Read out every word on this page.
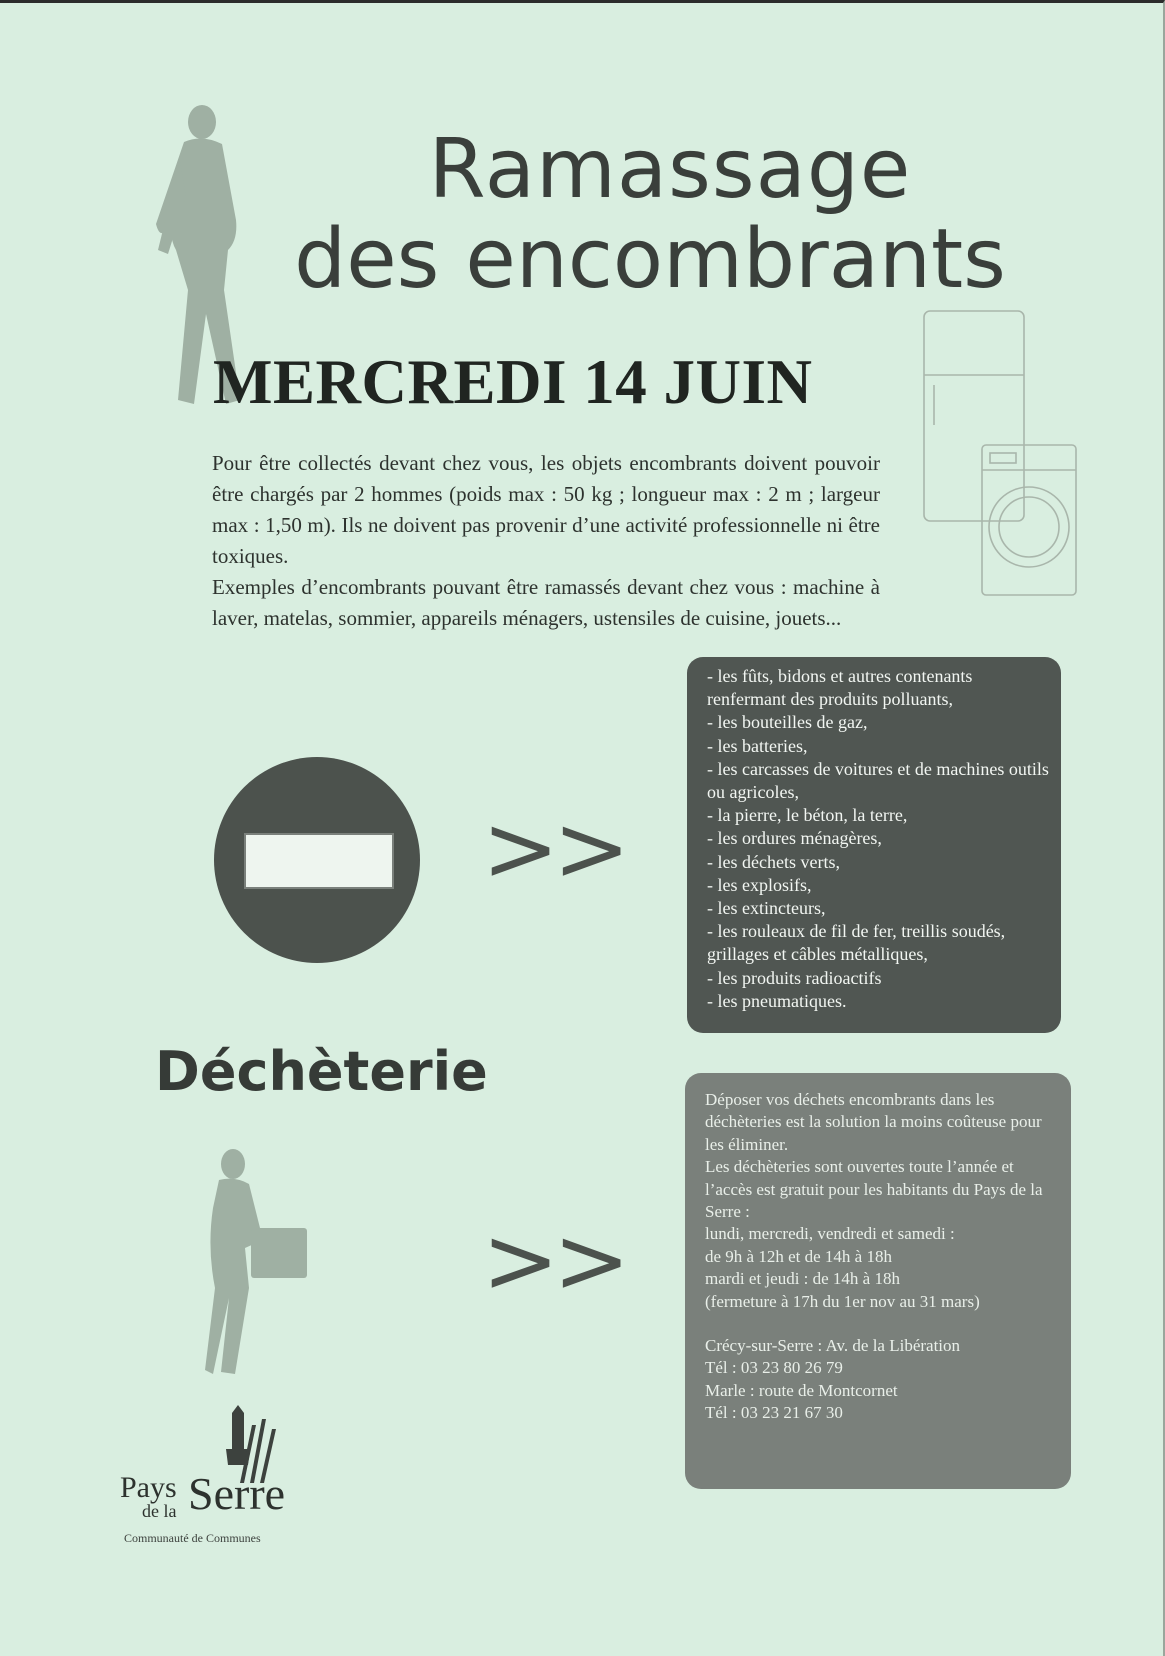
Ramassage
des encombrants
MERCREDI 14 JUIN

Pour être collectés devant chez vous, les objets encombrants doivent pouvoir être chargés par 2 hommes (poids max : 50 kg ; longueur max : 2 m ; largeur max : 1,50 m). Ils ne doivent pas provenir d’une activité professionnelle ni être toxiques.

Exemples d’encombrants pouvant être ramassés devant chez vous : machine à laver, matelas, sommier, appareils ménagers, ustensiles de cuisine, jouets...

>>
- les fûts, bidons et autres contenants renfermant des produits polluants,
- les bouteilles de gaz,
- les batteries,
- les carcasses de voitures et de machines outils ou agricoles,
- la pierre, le béton, la terre,
- les ordures ménagères,
- les déchets verts,
- les explosifs,
- les extincteurs,
- les rouleaux de fil de fer, treillis soudés, grillages et câbles métalliques,
- les produits radioactifs
- les pneumatiques.
Déchèterie
>>
Déposer vos déchets encombrants dans les déchèteries est la solution la moins coûteuse pour les éliminer.
Les déchèteries sont ouvertes toute l’année et l’accès est gratuit pour les habitants du Pays de la Serre :
lundi, mercredi, vendredi et samedi :
de 9h à 12h et de 14h à 18h
mardi et jeudi : de 14h à 18h
(fermeture à 17h du 1er nov au 31 mars)
Crécy-sur-Serre : Av. de la Libération
Tél : 03 23 80 26 79
Marle : route de Montcornet
Tél : 03 23 21 67 30
Pays
de la Serre
Communauté de Communes
